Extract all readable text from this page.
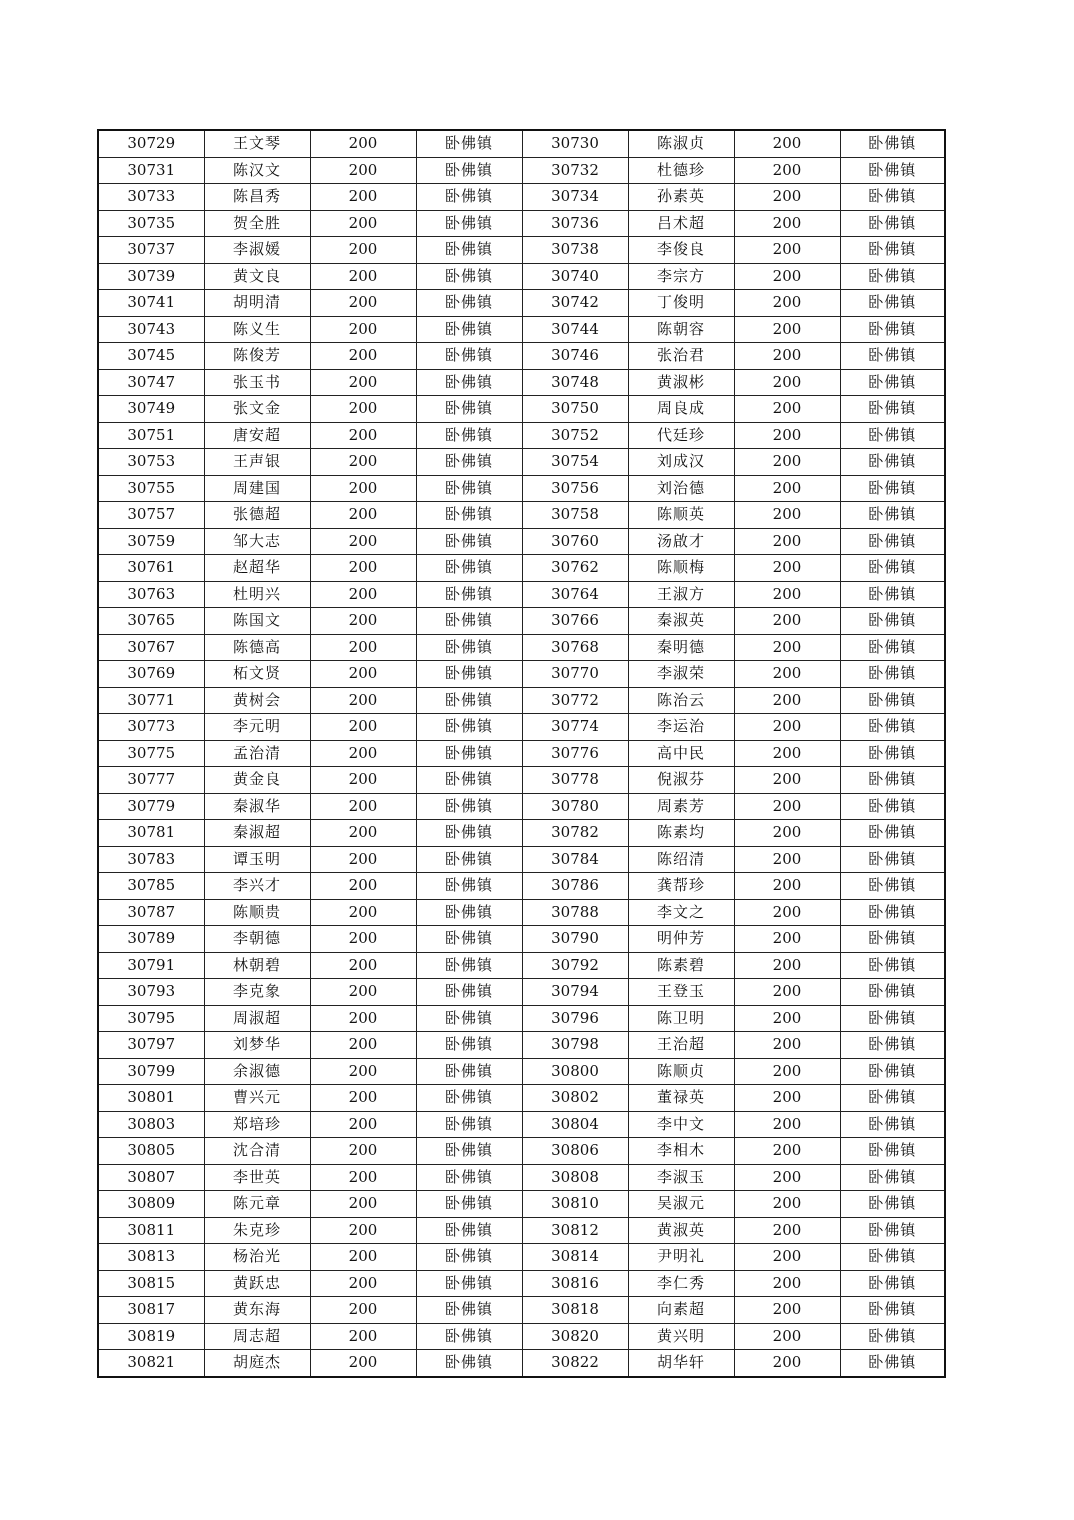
30729	王文琴	200	卧佛镇	30730	陈淑贞	200	卧佛镇
30731	陈汉文	200	卧佛镇	30732	杜德珍	200	卧佛镇
30733	陈昌秀	200	卧佛镇	30734	孙素英	200	卧佛镇
30735	贺全胜	200	卧佛镇	30736	吕术超	200	卧佛镇
30737	李淑媛	200	卧佛镇	30738	李俊良	200	卧佛镇
30739	黄文良	200	卧佛镇	30740	李宗方	200	卧佛镇
30741	胡明清	200	卧佛镇	30742	丁俊明	200	卧佛镇
30743	陈义生	200	卧佛镇	30744	陈朝容	200	卧佛镇
30745	陈俊芳	200	卧佛镇	30746	张治君	200	卧佛镇
30747	张玉书	200	卧佛镇	30748	黄淑彬	200	卧佛镇
30749	张文金	200	卧佛镇	30750	周良成	200	卧佛镇
30751	唐安超	200	卧佛镇	30752	代廷珍	200	卧佛镇
30753	王声银	200	卧佛镇	30754	刘成汉	200	卧佛镇
30755	周建国	200	卧佛镇	30756	刘治德	200	卧佛镇
30757	张德超	200	卧佛镇	30758	陈顺英	200	卧佛镇
30759	邹大志	200	卧佛镇	30760	汤啟才	200	卧佛镇
30761	赵超华	200	卧佛镇	30762	陈顺梅	200	卧佛镇
30763	杜明兴	200	卧佛镇	30764	王淑方	200	卧佛镇
30765	陈国文	200	卧佛镇	30766	秦淑英	200	卧佛镇
30767	陈德高	200	卧佛镇	30768	秦明德	200	卧佛镇
30769	柘文贤	200	卧佛镇	30770	李淑荣	200	卧佛镇
30771	黄树会	200	卧佛镇	30772	陈治云	200	卧佛镇
30773	李元明	200	卧佛镇	30774	李运治	200	卧佛镇
30775	孟治清	200	卧佛镇	30776	高中民	200	卧佛镇
30777	黄金良	200	卧佛镇	30778	倪淑芬	200	卧佛镇
30779	秦淑华	200	卧佛镇	30780	周素芳	200	卧佛镇
30781	秦淑超	200	卧佛镇	30782	陈素均	200	卧佛镇
30783	谭玉明	200	卧佛镇	30784	陈绍清	200	卧佛镇
30785	李兴才	200	卧佛镇	30786	龚帮珍	200	卧佛镇
30787	陈顺贵	200	卧佛镇	30788	李文之	200	卧佛镇
30789	李朝德	200	卧佛镇	30790	明仲芳	200	卧佛镇
30791	林朝碧	200	卧佛镇	30792	陈素碧	200	卧佛镇
30793	李克象	200	卧佛镇	30794	王登玉	200	卧佛镇
30795	周淑超	200	卧佛镇	30796	陈卫明	200	卧佛镇
30797	刘梦华	200	卧佛镇	30798	王治超	200	卧佛镇
30799	余淑德	200	卧佛镇	30800	陈顺贞	200	卧佛镇
30801	曹兴元	200	卧佛镇	30802	董禄英	200	卧佛镇
30803	郑培珍	200	卧佛镇	30804	李中文	200	卧佛镇
30805	沈合清	200	卧佛镇	30806	李相木	200	卧佛镇
30807	李世英	200	卧佛镇	30808	李淑玉	200	卧佛镇
30809	陈元章	200	卧佛镇	30810	吴淑元	200	卧佛镇
30811	朱克珍	200	卧佛镇	30812	黄淑英	200	卧佛镇
30813	杨治光	200	卧佛镇	30814	尹明礼	200	卧佛镇
30815	黄跃忠	200	卧佛镇	30816	李仁秀	200	卧佛镇
30817	黄东海	200	卧佛镇	30818	向素超	200	卧佛镇
30819	周志超	200	卧佛镇	30820	黄兴明	200	卧佛镇
30821	胡庭杰	200	卧佛镇	30822	胡华轩	200	卧佛镇
